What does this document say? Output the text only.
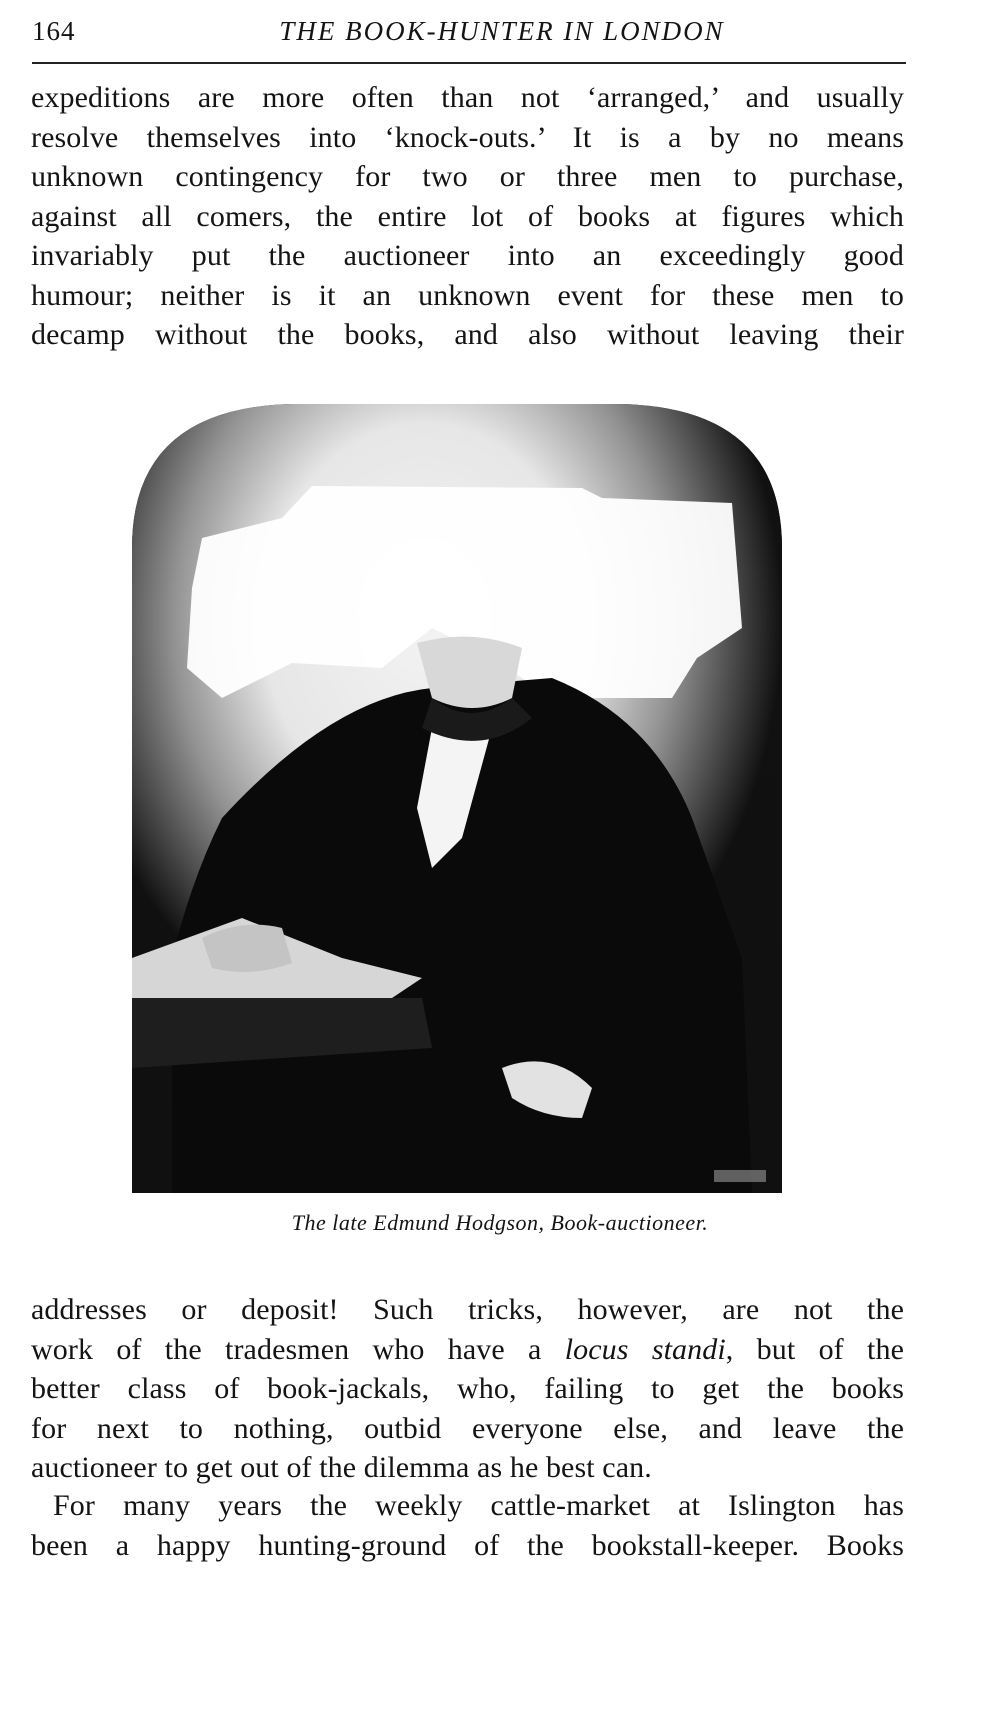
164	THE BOOK-HUNTER IN LONDON
expeditions are more often than not ‘arranged,’ and usually
resolve themselves into ‘knock-outs.’ It is a by no means
unknown contingency for two or three men to purchase,
against all comers, the entire lot of books at figures which
invariably put the auctioneer into an exceedingly good
humour; neither is it an unknown event for these men to
decamp without the books, and also without leaving their
The late Edmund Hodgson, Book-auctioneer.
addresses or deposit! Such tricks, however, are not the
work of the tradesmen who have a locus standi, but of the
better class of book-jackals, who, failing to get the books
for next to nothing, outbid everyone else, and leave the
auctioneer to get out of the dilemma as he best can.
For many years the weekly cattle-market at Islington has
been a happy hunting-ground of the bookstall-keeper. Books
